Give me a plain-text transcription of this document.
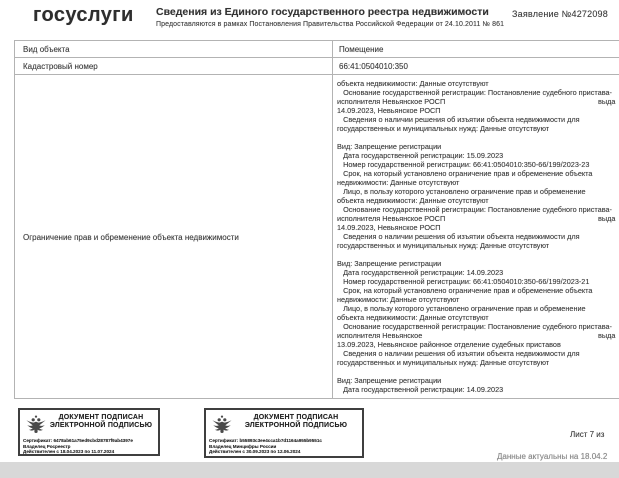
госуслуги Сведения из Единого государственного реестра недвижимости
Предоставляются в рамках Постановления Правительства Российской Федерации от 24.10.2011 № 861
Заявление №4272098
Вид объекта	Помещение
Кадастровый номер	66:41:0504010:350
Ограничение прав и обременение объекта недвижимости
объекта недвижимости: Данные отсутствуют
Основание государственной регистрации: Постановление судебного пристава-
исполнителя Невьянское РОСП	выда
14.09.2023, Невьянское РОСП
Сведения о наличии решения об изъятии объекта недвижимости для
государственных и муниципальных нужд: Данные отсутствуют
Вид: Запрещение регистрации
Дата государственной регистрации: 15.09.2023
Номер государственной регистрации: 66:41:0504010:350-66/199/2023-23
Срок, на который установлено ограничение прав и обременение объекта
недвижимости: Данные отсутствуют
Лицо, в пользу которого установлено ограничение прав и обременение
объекта недвижимости: Данные отсутствуют
Основание государственной регистрации: Постановление судебного пристава-
исполнителя Невьянское РОСП	выда
14.09.2023, Невьянское РОСП
Сведения о наличии решения об изъятии объекта недвижимости для
государственных и муниципальных нужд: Данные отсутствуют
Вид: Запрещение регистрации
Дата государственной регистрации: 14.09.2023
Номер государственной регистрации: 66:41:0504010:350-66/199/2023-21
Срок, на который установлено ограничение прав и обременение объекта
недвижимости: Данные отсутствуют
Лицо, в пользу которого установлено ограничение прав и обременение
объекта недвижимости: Данные отсутствуют
Основание государственной регистрации: Постановление судебного пристава-
исполнителя Невьянское	выда
13.09.2023, Невьянское районное отделение судебных приставов
Сведения о наличии решения об изъятии объекта недвижимости для
государственных и муниципальных нужд: Данные отсутствуют
Вид: Запрещение регистрации
Дата государственной регистрации: 14.09.2023
ДОКУМЕНТ ПОДПИСАН ЭЛЕКТРОННОЙ ПОДПИСЬЮ
Сертификат: 6478ab61a75ed9cbd28787f9ab4397e
Владелец Росреестр
Действителен с 18.04.2023 по 11.07.2024
ДОКУМЕНТ ПОДПИСАН ЭЛЕКТРОННОЙ ПОДПИСЬЮ
Сертификат: b55893c3ee4cca1b7d1164a955b9551c
Владелец Минцифры России
Действителен с 30.09.2023 по 12.06.2024
Лист 7 из
Данные актуальны на 18.04.2
